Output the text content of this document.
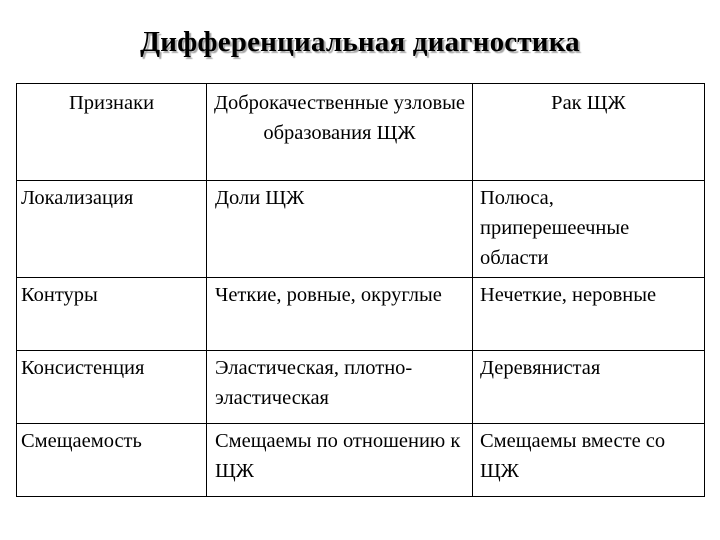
Дифференциальная диагностика
Признаки	Доброкачественные узловые образования ЩЖ	Рак ЩЖ
Локализация	Доли ЩЖ	Полюса, приперешеечные области
Контуры	Четкие, ровные, округлые	Нечеткие, неровные
Консистенция	Эластическая, плотно-эластическая	Деревянистая
Смещаемость	Смещаемы по отношению к ЩЖ	Смещаемы вместе со ЩЖ
